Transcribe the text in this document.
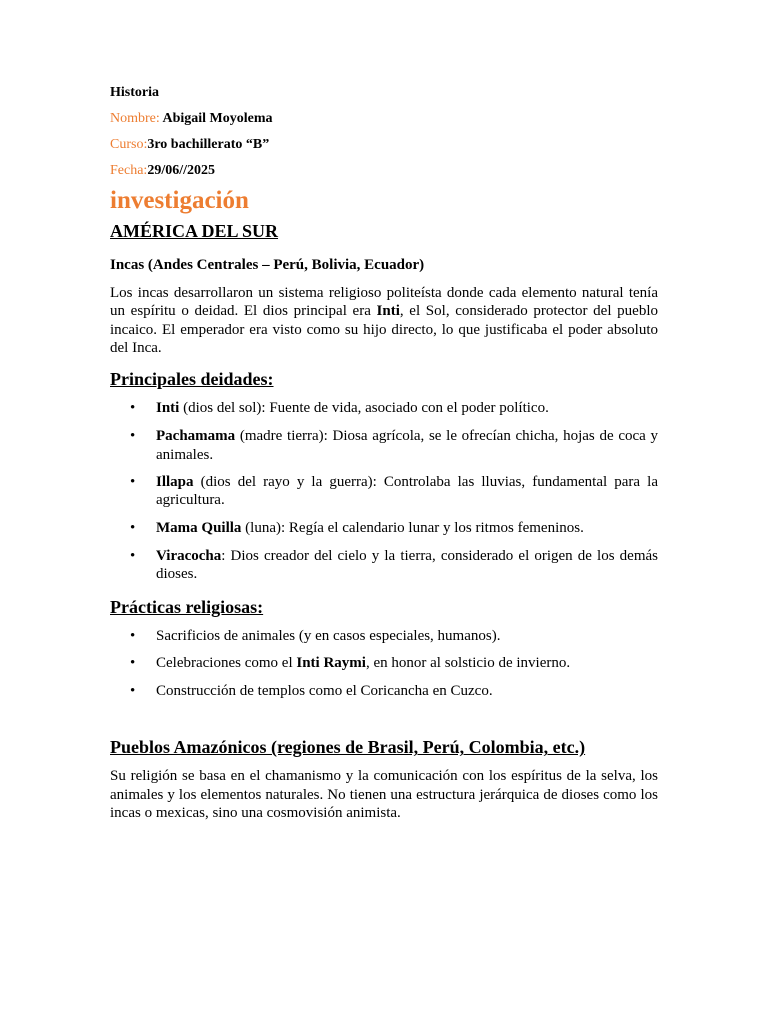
Historia

Nombre: Abigail Moyolema

Curso:3ro bachillerato “B”

Fecha:29/06//2025

investigación
AMÉRICA DEL SUR
Incas (Andes Centrales – Perú, Bolivia, Ecuador)

Los incas desarrollaron un sistema religioso politeísta donde cada elemento natural tenía un espíritu o deidad. El dios principal era Inti, el Sol, considerado protector del pueblo incaico. El emperador era visto como su hijo directo, lo que justificaba el poder absoluto del Inca.

Principales deidades:
• Inti (dios del sol): Fuente de vida, asociado con el poder político.
• Pachamama (madre tierra): Diosa agrícola, se le ofrecían chicha, hojas de coca y animales.
• Illapa (dios del rayo y la guerra): Controlaba las lluvias, fundamental para la agricultura.
• Mama Quilla (luna): Regía el calendario lunar y los ritmos femeninos.
• Viracocha: Dios creador del cielo y la tierra, considerado el origen de los demás dioses.
Prácticas religiosas:
• Sacrificios de animales (y en casos especiales, humanos).
• Celebraciones como el Inti Raymi, en honor al solsticio de invierno.
• Construcción de templos como el Coricancha en Cuzco.
Pueblos Amazónicos (regiones de Brasil, Perú, Colombia, etc.)

Su religión se basa en el chamanismo y la comunicación con los espíritus de la selva, los animales y los elementos naturales. No tienen una estructura jerárquica de dioses como los incas o mexicas, sino una cosmovisión animista.
